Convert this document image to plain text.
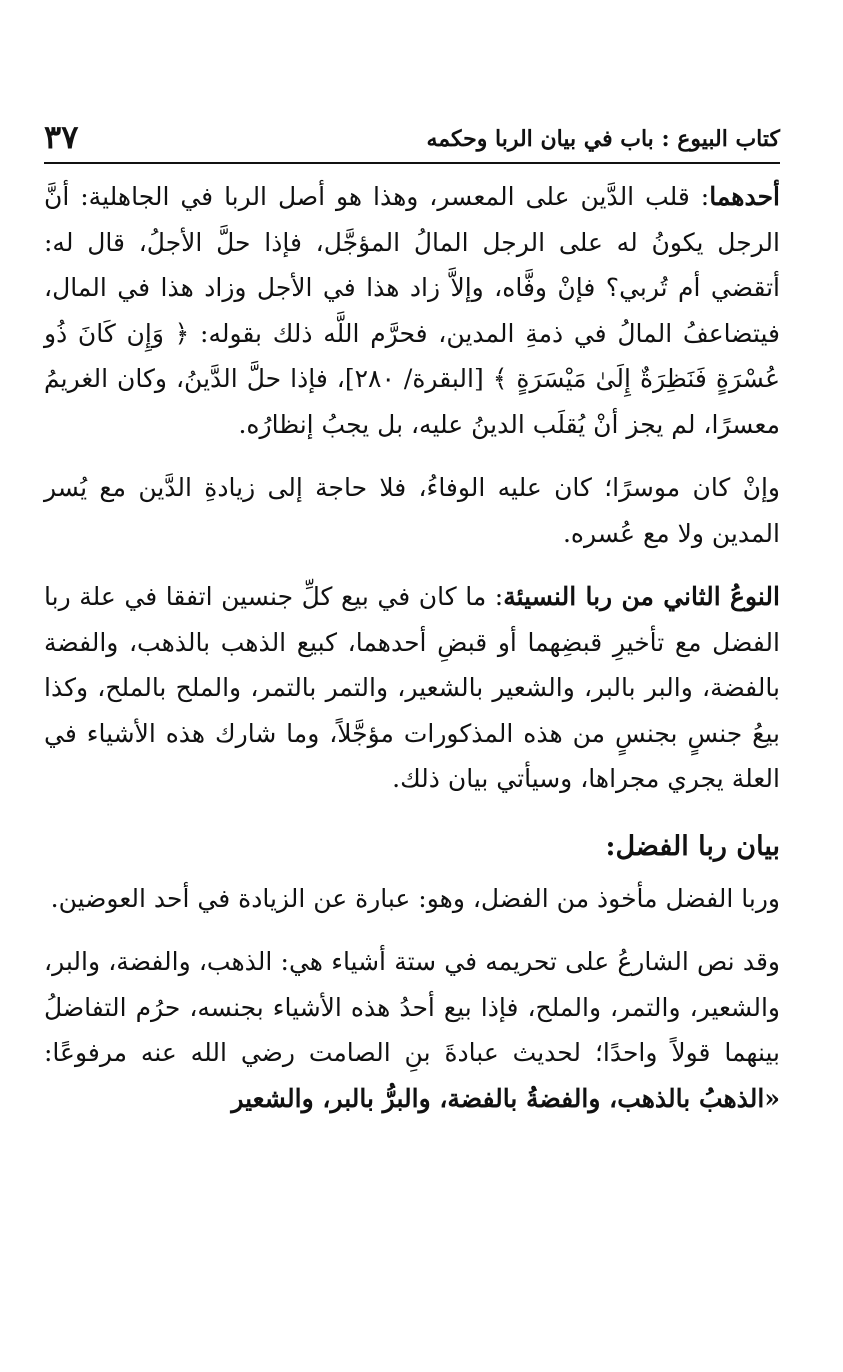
كتاب البيوع : باب في بيان الربا وحكمه
٣٧

أحدهما: قلب الدَّين على المعسر، وهذا هو أصل الربا في الجاهلية: أنَّ الرجل يكونُ له على الرجل المالُ المؤجَّل، فإذا حلَّ الأجلُ، قال له: أتقضي أم تُربي؟ فإنْ وفَّاه، وإلاَّ زاد هذا في الأجل وزاد هذا في المال، فيتضاعفُ المالُ في ذمةِ المدين، فحرَّم اللَّه ذلك بقوله: ﴿ وَإِن كَانَ ذُو عُسْرَةٍ فَنَظِرَةٌ إِلَىٰ مَيْسَرَةٍ ﴾ [البقرة/ ٢٨٠]، فإذا حلَّ الدَّينُ، وكان الغريمُ معسرًا، لم يجز أنْ يُقلَب الدينُ عليه، بل يجبُ إنظارُه.

وإنْ كان موسرًا؛ كان عليه الوفاءُ، فلا حاجة إلى زيادةِ الدَّين مع يُسر المدين ولا مع عُسره.

النوعُ الثاني من ربا النسيئة: ما كان في بيع كلِّ جنسين اتفقا في علة ربا الفضل مع تأخيرِ قبضِهما أو قبضِ أحدهما، كبيع الذهب بالذهب، والفضة بالفضة، والبر بالبر، والشعير بالشعير، والتمر بالتمر، والملح بالملح، وكذا بيعُ جنسٍ بجنسٍ من هذه المذكورات مؤجَّلاً، وما شارك هذه الأشياء في العلة يجري مجراها، وسيأتي بيان ذلك.

بيان ربا الفضل:

وربا الفضل مأخوذ من الفضل، وهو: عبارة عن الزيادة في أحد العوضين.

وقد نص الشارعُ على تحريمه في ستة أشياء هي: الذهب، والفضة، والبر، والشعير، والتمر، والملح، فإذا بيع أحدُ هذه الأشياء بجنسه، حرُم التفاضلُ بينهما قولاً واحدًا؛ لحديث عبادةَ بنِ الصامت رضي الله عنه مرفوعًا: «الذهبُ بالذهب، والفضةُ بالفضة، والبرُّ بالبر، والشعير
